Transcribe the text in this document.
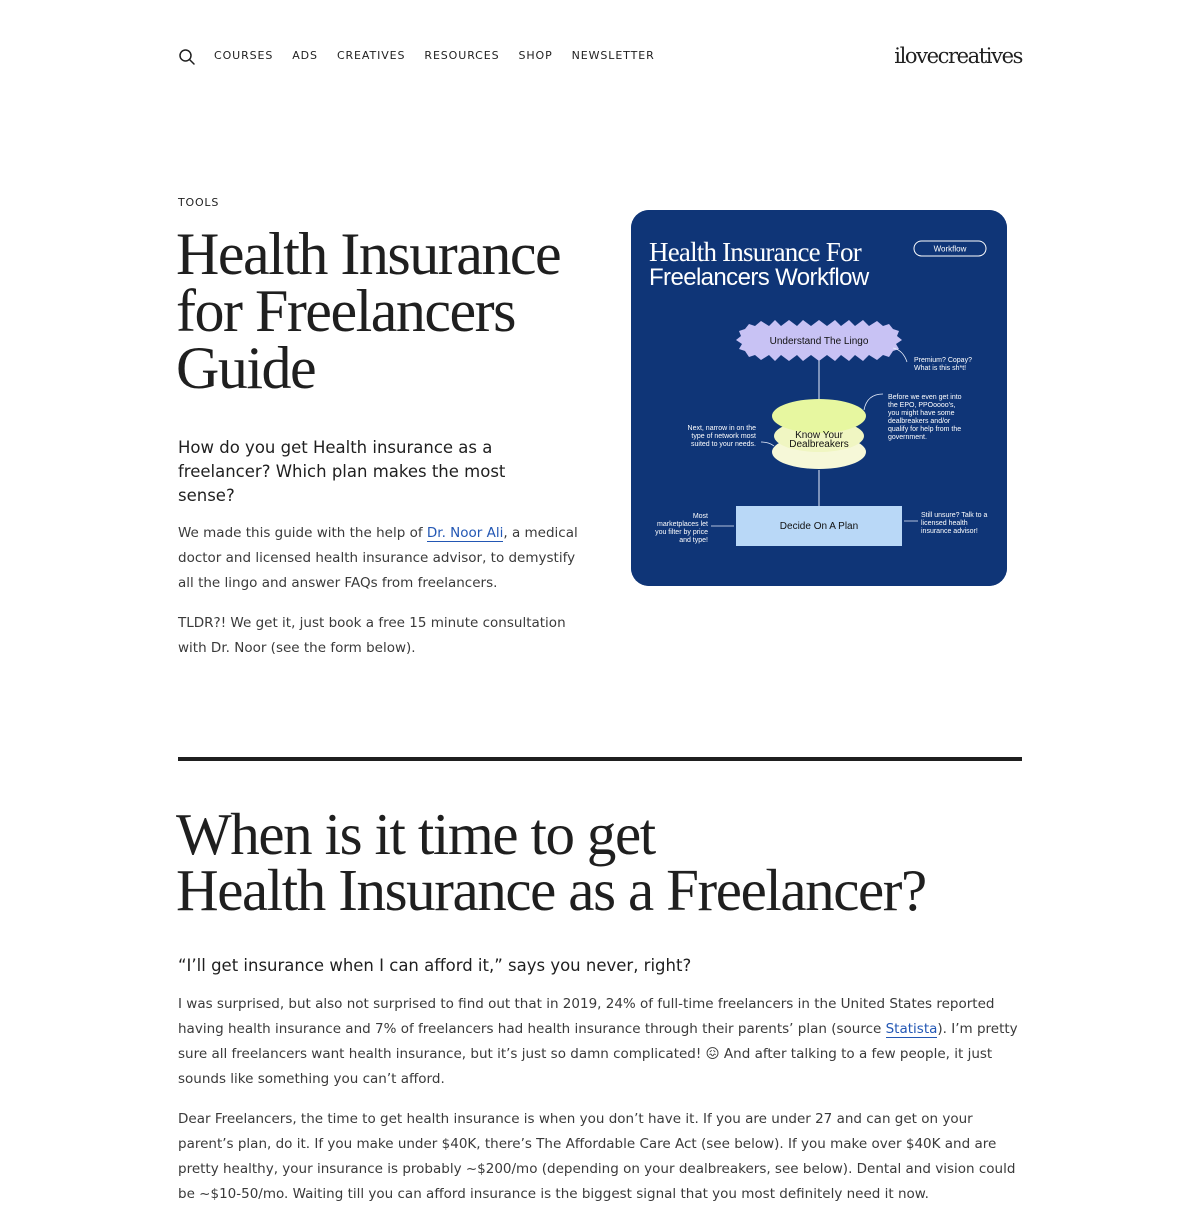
COURSES ADS CREATIVES RESOURCES SHOP NEWSLETTER	ilovecreatives
TOOLS
Health Insurance
for Freelancers
Guide

How do you get Health insurance as a freelancer? Which plan makes the most sense?

We made this guide with the help of Dr. Noor Ali, a medical doctor and licensed health insurance advisor, to demystify all the lingo and answer FAQs from freelancers.

TLDR?! We get it, just book a free 15 minute consultation with Dr. Noor (see the form below).

Health Insurance For
Freelancers Workflow
Workflow
Understand The Lingo
Premium? Copay?
What is this sh*t!
Know Your
Dealbreakers
Before we even get into
the EPO, PPOoooo's,
you might have some
dealbreakers and/or
qualify for help from the
government.
Next, narrow in on the
type of network most
suited to your needs.
Decide On A Plan
Most
marketplaces let
you filter by price
and type!
Still unsure? Talk to a
licensed health
insurance advisor!
When is it time to get
Health Insurance as a Freelancer?

“I’ll get insurance when I can afford it,” says you never, right?

I was surprised, but also not surprised to find out that in 2019, 24% of full-time freelancers in the United States reported having health insurance and 7% of freelancers had health insurance through their parents’ plan (source Statista). I’m pretty sure all freelancers want health insurance, but it’s just so damn complicated! 😖 And after talking to a few people, it just sounds like something you can’t afford.

Dear Freelancers, the time to get health insurance is when you don’t have it. If you are under 27 and can get on your parent’s plan, do it. If you make under $40K, there’s The Affordable Care Act (see below). If you make over $40K and are pretty healthy, your insurance is probably ~$200/mo (depending on your dealbreakers, see below). Dental and vision could be ~$10-50/mo. Waiting till you can afford insurance is the biggest signal that you most definitely need it now.
